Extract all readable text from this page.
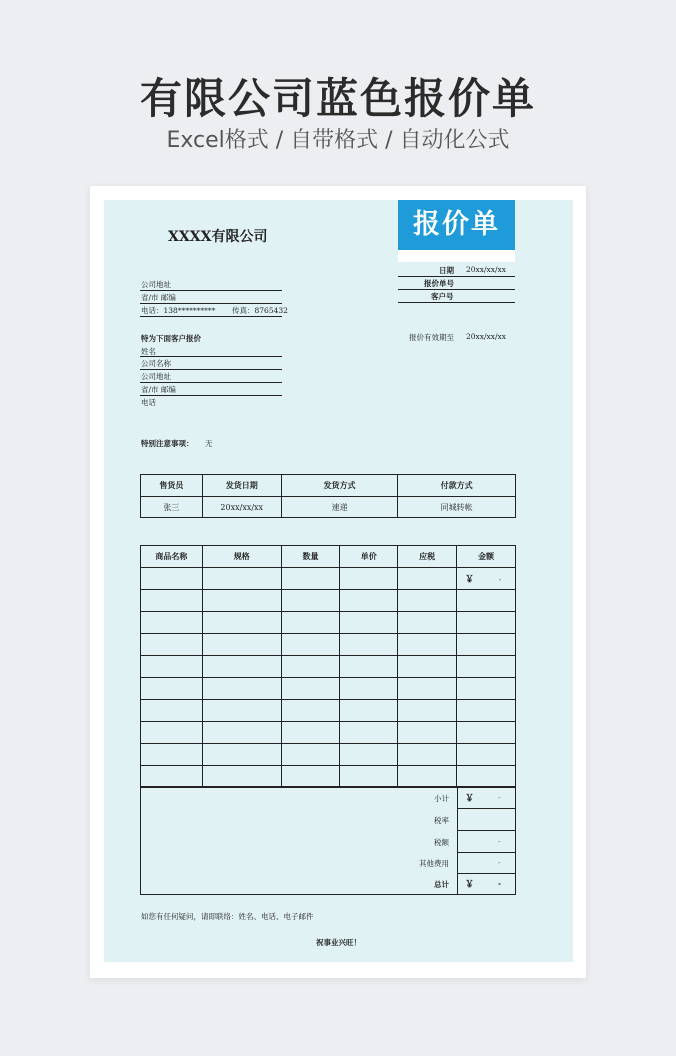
有限公司蓝色报价单
Excel格式 / 自带格式 / 自动化公式
XXXX有限公司	报价单
日期 20xx/xx/xx
报价单号
客户号
报价有效期至 20xx/xx/xx
公司地址
省/市 邮编
电话：138********** 传真：8765432
特为下面客户报价
姓名
公司名称
公司地址
省/市 邮编
电话
特别注意事项： 无
售货员	发货日期	发货方式	付款方式
张三	20xx/xx/xx	速递	同城转帐
商品名称	规格	数量	单价	应税	金额
					￥ -

小计 ￥	-
税率
税额	-
其他费用	-
总计 ￥	-
如您有任何疑问，请即联络：姓名、电话、电子邮件
祝事业兴旺！
